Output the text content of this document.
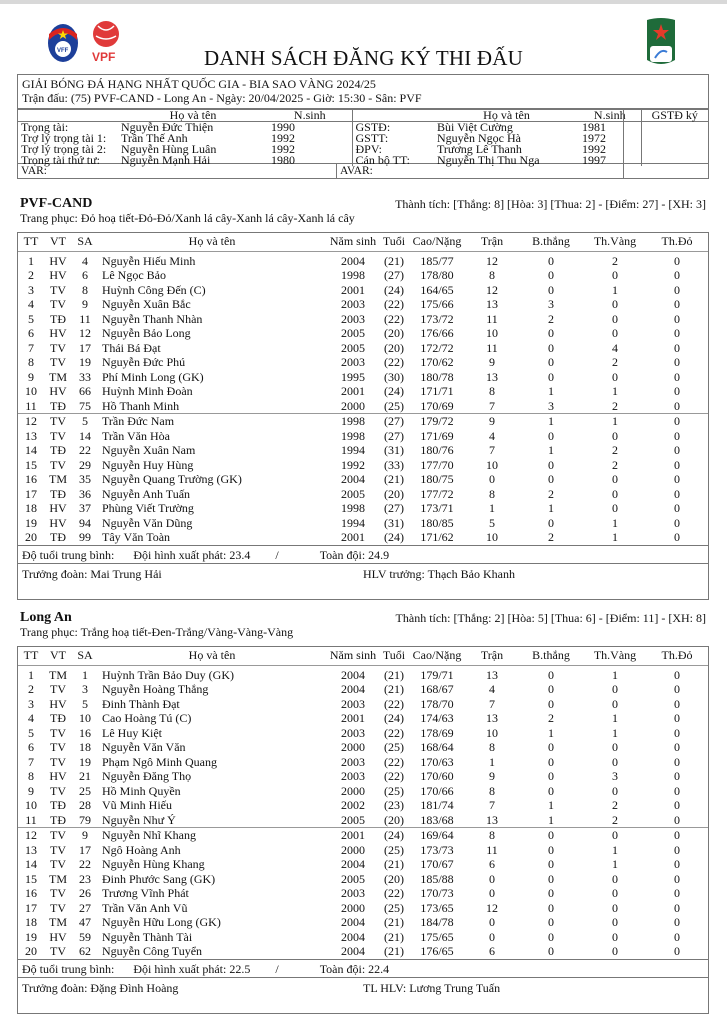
VFF VPF	DANH SÁCH ĐĂNG KÝ THI ĐẤU
GIẢI BÓNG ĐÁ HẠNG NHẤT QUỐC GIA - BIA SAO VÀNG 2024/25
Trận đấu: (75) PVF-CAND - Long An - Ngày: 20/04/2025 - Giờ: 15:30 - Sân: PVF
	Họ và tên	N.sinh		Họ và tên	N.sinh	GSTĐ ký
Trọng tài:	Nguyễn Đức Thiện	1990	GSTĐ:	Bùi Việt Cường	1981	
Trợ lý trọng tài 1:	Trần Thế Anh	1992	GSTT:	Nguyễn Ngọc Hà	1972	
Trợ lý trọng tài 2:	Nguyễn Hùng Luân	1992	ĐPV:	Trương Lê Thanh	1992	
Trọng tài thứ tư:	Nguyễn Mạnh Hải	1980	Cán bộ TT:	Nguyễn Thị Thu Nga	1997	
VAR:	AVAR:
PVF-CAND	Thành tích: [Thắng: 8] [Hòa: 3] [Thua: 2] - [Điểm: 27] - [XH: 3]
Trang phục: Đỏ hoạ tiết-Đỏ-Đỏ/Xanh lá cây-Xanh lá cây-Xanh lá cây
TT	VT	SA	Họ và tên	Năm sinh	Tuổi	Cao/Nặng	Trận	B.thắng	Th.Vàng	Th.Đỏ
1	HV	4	Nguyễn Hiếu Minh	2004	(21)	185/77	12	0	2	0
2	HV	6	Lê Ngọc Bảo	1998	(27)	178/80	8	0	0	0
3	TV	8	Huỳnh Công Đến (C)	2001	(24)	164/65	12	0	1	0
4	TV	9	Nguyễn Xuân Bắc	2003	(22)	175/66	13	3	0	0
5	TĐ	11	Nguyễn Thanh Nhàn	2003	(22)	173/72	11	2	0	0
6	HV	12	Nguyễn Bảo Long	2005	(20)	176/66	10	0	0	0
7	TV	17	Thái Bá Đạt	2005	(20)	172/72	11	0	4	0
8	TV	19	Nguyễn Đức Phú	2003	(22)	170/62	9	0	2	0
9	TM	33	Phí Minh Long (GK)	1995	(30)	180/78	13	0	0	0
10	HV	66	Huỳnh Minh Đoàn	2001	(24)	171/71	8	1	1	0
11	TĐ	75	Hồ Thanh Minh	2000	(25)	170/69	7	3	2	0
12	TV	5	Trần Đức Nam	1998	(27)	179/72	9	1	1	0
13	TV	14	Trần Văn Hòa	1998	(27)	171/69	4	0	0	0
14	TĐ	22	Nguyễn Xuân Nam	1994	(31)	180/76	7	1	2	0
15	TV	29	Nguyễn Huy Hùng	1992	(33)	177/70	10	0	2	0
16	TM	35	Nguyễn Quang Trường (GK)	2004	(21)	180/75	0	0	0	0
17	TĐ	36	Nguyễn Anh Tuấn	2005	(20)	177/72	8	2	0	0
18	HV	37	Phùng Viết Trường	1998	(27)	173/71	1	1	0	0
19	HV	94	Nguyễn Văn Dũng	1994	(31)	180/85	5	0	1	0
20	TĐ	99	Tây Văn Toàn	2001	(24)	171/62	10	2	1	0
Độ tuổi trung bình: Đội hình xuất phát: 23.4 /	Toàn đội: 24.9
Trưởng đoàn: Mai Trung Hải	HLV trưởng: Thạch Bảo Khanh
Long An	Thành tích: [Thắng: 2] [Hòa: 5] [Thua: 6] - [Điểm: 11] - [XH: 8]
Trang phục: Trắng hoạ tiết-Đen-Trắng/Vàng-Vàng-Vàng
TT	VT	SA	Họ và tên	Năm sinh	Tuổi	Cao/Nặng	Trận	B.thắng	Th.Vàng	Th.Đỏ
1	TM	1	Huỳnh Trần Bảo Duy (GK)	2004	(21)	179/71	13	0	1	0
2	TV	3	Nguyễn Hoàng Thắng	2004	(21)	168/67	4	0	0	0
3	HV	5	Đinh Thành Đạt	2003	(22)	178/70	7	0	0	0
4	TĐ	10	Cao Hoàng Tú (C)	2001	(24)	174/63	13	2	1	0
5	TV	16	Lê Huy Kiệt	2003	(22)	178/69	10	1	1	0
6	TV	18	Nguyễn Văn Văn	2000	(25)	168/64	8	0	0	0
7	TV	19	Phạm Ngô Minh Quang	2003	(22)	170/63	1	0	0	0
8	HV	21	Nguyễn Đăng Thọ	2003	(22)	170/60	9	0	3	0
9	TV	25	Hồ Minh Quyền	2000	(25)	170/66	8	0	0	0
10	TĐ	28	Vũ Minh Hiếu	2002	(23)	181/74	7	1	2	0
11	TĐ	79	Nguyễn Như Ý	2005	(20)	183/68	13	1	2	0
12	TV	9	Nguyễn Nhĩ Khang	2001	(24)	169/64	8	0	0	0
13	TV	17	Ngô Hoàng Anh	2000	(25)	173/73	11	0	1	0
14	TV	22	Nguyễn Hùng Khang	2004	(21)	170/67	6	0	1	0
15	TM	23	Đinh Phước Sang (GK)	2005	(20)	185/88	0	0	0	0
16	TV	26	Trương Vĩnh Phát	2003	(22)	170/73	0	0	0	0
17	TV	27	Trần Văn Anh Vũ	2000	(25)	173/65	12	0	0	0
18	TM	47	Nguyễn Hữu Long (GK)	2004	(21)	184/78	0	0	0	0
19	HV	59	Nguyễn Thành Tài	2004	(21)	175/65	0	0	0	0
20	TV	62	Nguyễn Công Tuyển	2004	(21)	176/65	6	0	0	0
Độ tuổi trung bình: Đội hình xuất phát: 22.5 /	Toàn đội: 22.4
Trưởng đoàn: Đặng Đình Hoàng	TL HLV: Lương Trung Tuấn
